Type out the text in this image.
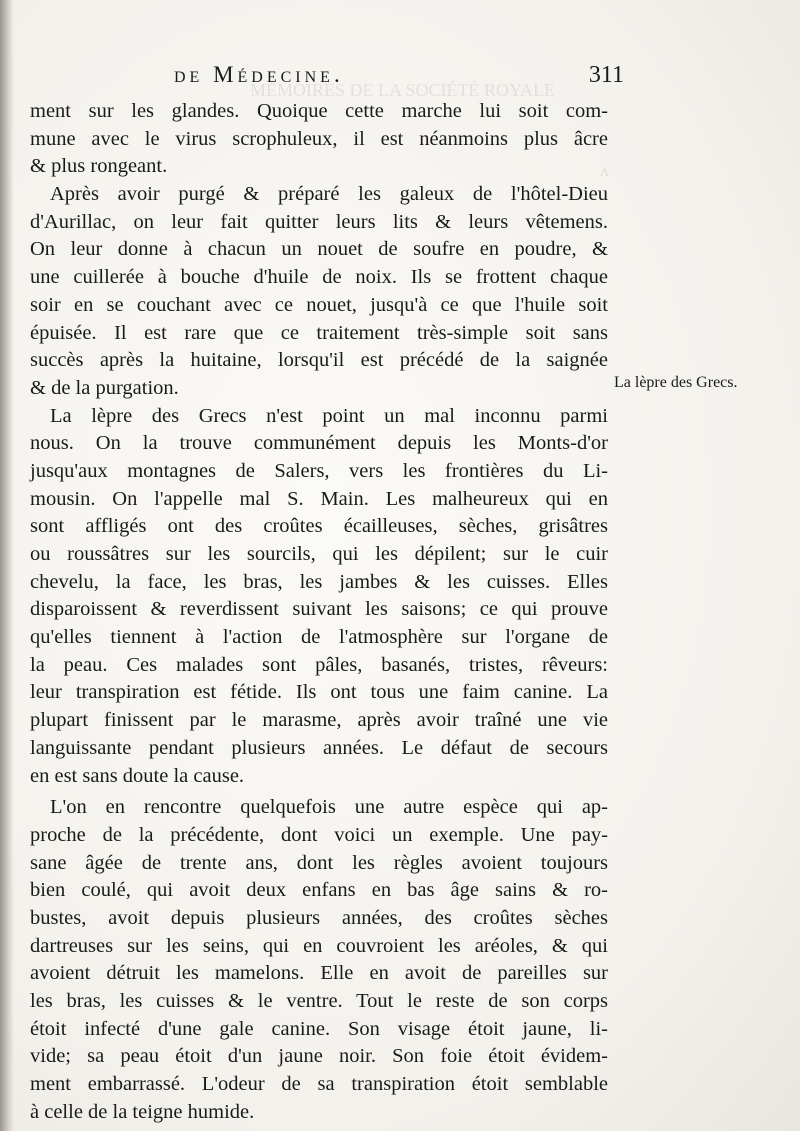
MÉMOIRES DE LA SOCIÉTÉ ROYALE
ʌ
de Médecine.	311
ment sur les glandes. Quoique cette marche lui soit com-
mune avec le virus scrophuleux, il est néanmoins plus âcre
& plus rongeant.
Après avoir purgé & préparé les galeux de l'hôtel-Dieu
d'Aurillac, on leur fait quitter leurs lits & leurs vêtemens.
On leur donne à chacun un nouet de soufre en poudre, &
une cuillerée à bouche d'huile de noix. Ils se frottent chaque
soir en se couchant avec ce nouet, jusqu'à ce que l'huile soit
épuisée. Il est rare que ce traitement très-simple soit sans
succès après la huitaine, lorsqu'il est précédé de la saignée
& de la purgation.
La lèpre des Grecs n'est point un mal inconnu parmi
nous. On la trouve communément depuis les Monts-d'or
jusqu'aux montagnes de Salers, vers les frontières du Li-
mousin. On l'appelle mal S. Main. Les malheureux qui en
sont affligés ont des croûtes écailleuses, sèches, grisâtres
ou roussâtres sur les sourcils, qui les dépilent; sur le cuir
chevelu, la face, les bras, les jambes & les cuisses. Elles
disparoissent & reverdissent suivant les saisons; ce qui prouve
qu'elles tiennent à l'action de l'atmosphère sur l'organe de
la peau. Ces malades sont pâles, basanés, tristes, rêveurs:
leur transpiration est fétide. Ils ont tous une faim canine. La
plupart finissent par le marasme, après avoir traîné une vie
languissante pendant plusieurs années. Le défaut de secours
en est sans doute la cause.
L'on en rencontre quelquefois une autre espèce qui ap-
proche de la précédente, dont voici un exemple. Une pay-
sane âgée de trente ans, dont les règles avoient toujours
bien coulé, qui avoit deux enfans en bas âge sains & ro-
bustes, avoit depuis plusieurs années, des croûtes sèches
dartreuses sur les seins, qui en couvroient les aréoles, & qui
avoient détruit les mamelons. Elle en avoit de pareilles sur
les bras, les cuisses & le ventre. Tout le reste de son corps
étoit infecté d'une gale canine. Son visage étoit jaune, li-
vide; sa peau étoit d'un jaune noir. Son foie étoit évidem-
ment embarrassé. L'odeur de sa transpiration étoit semblable
à celle de la teigne humide.
La lèpre des Grecs.
